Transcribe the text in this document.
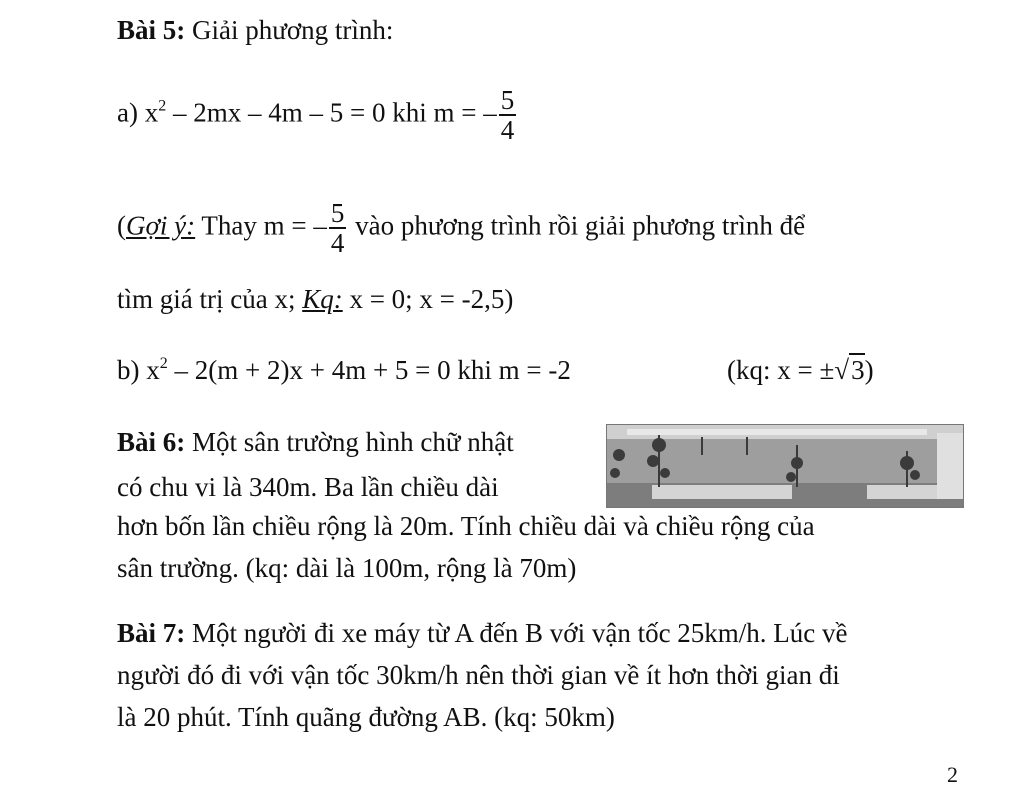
Bài 5: Giải phương trình:
a) $x^2 - 2mx - 4m - 5 = 0$ khi m = – $\frac{5}{4}$
(Gợi ý: Thay m = – $\frac{5}{4}$ vào phương trình rồi giải phương trình để
tìm giá trị của x; Kq: x = 0; x = -2,5)
b) $x^2 - 2(m + 2)x + 4m + 5 = 0$ khi m = -2	(kq: x = ±√3)
Bài 6: Một sân trường hình chữ nhật
có chu vi là 340m. Ba lần chiều dài
hơn bốn lần chiều rộng là 20m. Tính chiều dài và chiều rộng của
sân trường. (kq: dài là 100m, rộng là 70m)
Bài 7: Một người đi xe máy từ A đến B với vận tốc 25km/h. Lúc về
người đó đi với vận tốc 30km/h nên thời gian về ít hơn thời gian đi
là 20 phút. Tính quãng đường AB. (kq: 50km)
2
